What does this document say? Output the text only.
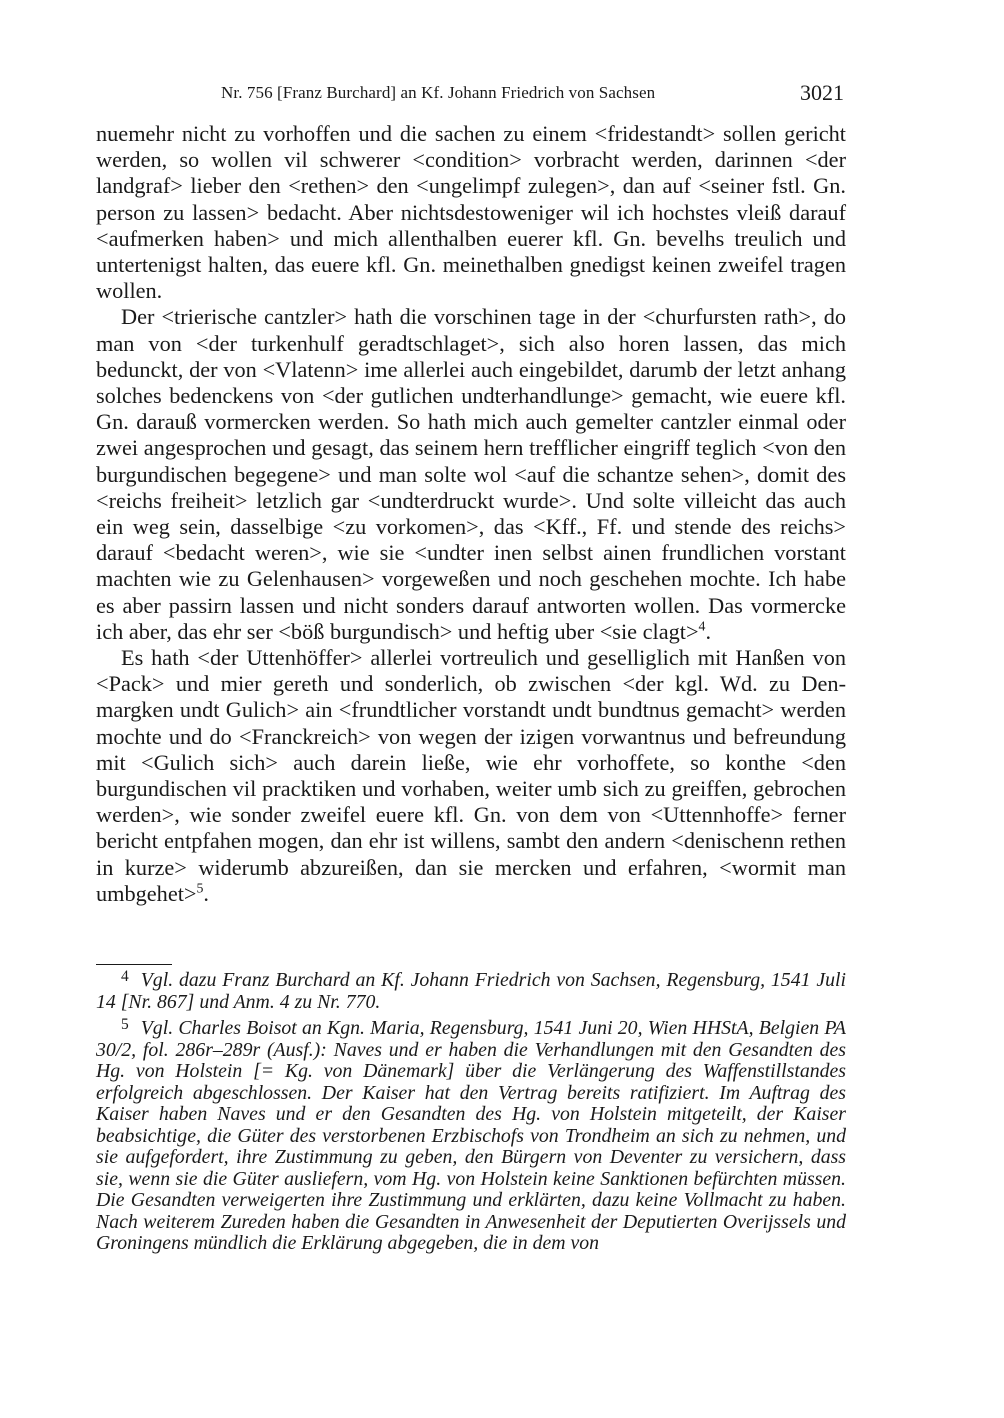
Nr. 756 [Franz Burchard] an Kf. Johann Friedrich von Sachsen	3021

nuemehr nicht zu vorhoffen und die sachen zu einem <fridestandt> sollen gericht werden, so wollen vil schwerer <condition> vorbracht werden, darinnen <der landgraf> lieber den <rethen> den <ungelimpf zulegen>, dan auf <seiner fstl. Gn. person zu lassen> bedacht. Aber nichtsdestoweniger wil ich hochstes vleiß darauf <aufmerken haben> und mich allenthalben euerer kfl. Gn. bevelhs treulich und untertenigst halten, das euere kfl. Gn. meinethalben gnedigst keinen zweifel tragen wollen.

Der <trierische cantzler> hath die vorschinen tage in der <churfursten rath>, do man von <der turkenhulf geradtschlaget>, sich also horen lassen, das mich bedunckt, der von <Vlatenn> ime allerlei auch eingebildet, darumb der letzt anhang solches bedenckens von <der gutlichen undterhandlunge> gemacht, wie euere kfl. Gn. darauß vormercken werden. So hath mich auch gemelter cantzler einmal oder zwei angesprochen und gesagt, das seinem hern trefflicher eingriff teglich <von den burgundischen begegene> und man solte wol <auf die schantze sehen>, domit des <reichs freiheit> letzlich gar <undterdruckt wurde>. Und solte villeicht das auch ein weg sein, dasselbige <zu vorkomen>, das <Kff., Ff. und stende des reichs> darauf <bedacht weren>, wie sie <undter inen selbst ainen frundlichen vorstant machten wie zu Gelenhausen> vorgeweßen und noch geschehen mochte. Ich habe es aber passirn lassen und nicht sonders darauf antworten wollen. Das vormercke ich aber, das ehr ser <böß burgundisch> und heftig uber <sie clagt>$^4$.

Es hath <der Uttenhöffer> allerlei vortreulich und geselliglich mit Hanßen von <Pack> und mier gereth und sonderlich, ob zwischen <der kgl. Wd. zu Denmargken undt Gulich> ain <frundtlicher vorstandt undt bundtnus gemacht> werden mochte und do <Franckreich> von wegen der izigen vorwantnus und befreundung mit <Gulich sich> auch darein ließe, wie ehr vorhoffete, so konthe <den burgundischen vil pracktiken und vorhaben, weiter umb sich zu greiffen, gebrochen werden>, wie sonder zweifel euere kfl. Gn. von dem von <Uttennhoffe> ferner bericht entpfahen mogen, dan ehr ist willens, sambt den andern <denischenn rethen in kurze> widerumb abzureißen, dan sie mercken und erfahren, <wormit man umbgehet>$^5$.

$^4$ Vgl. dazu Franz Burchard an Kf. Johann Friedrich von Sachsen, Regensburg, 1541 Juli 14 [Nr. 867] und Anm. 4 zu Nr. 770.

$^5$ Vgl. Charles Boisot an Kgn. Maria, Regensburg, 1541 Juni 20, Wien HHStA, Belgien PA 30/2, fol. 286r–289r (Ausf.): Naves und er haben die Verhandlungen mit den Gesandten des Hg. von Holstein [= Kg. von Dänemark] über die Verlängerung des Waffenstillstandes erfolgreich abgeschlossen. Der Kaiser hat den Vertrag bereits ratifiziert. Im Auftrag des Kaiser haben Naves und er den Gesandten des Hg. von Holstein mitgeteilt, der Kaiser beabsichtige, die Güter des verstorbenen Erzbischofs von Trondheim an sich zu nehmen, und sie aufgefordert, ihre Zustimmung zu geben, den Bürgern von Deventer zu versichern, dass sie, wenn sie die Güter ausliefern, vom Hg. von Holstein keine Sanktionen befürchten müssen. Die Gesandten verweigerten ihre Zustimmung und erklärten, dazu keine Vollmacht zu haben. Nach weiterem Zureden haben die Gesandten in Anwesenheit der Deputierten Overijssels und Groningens mündlich die Erklärung abgegeben, die in dem von
